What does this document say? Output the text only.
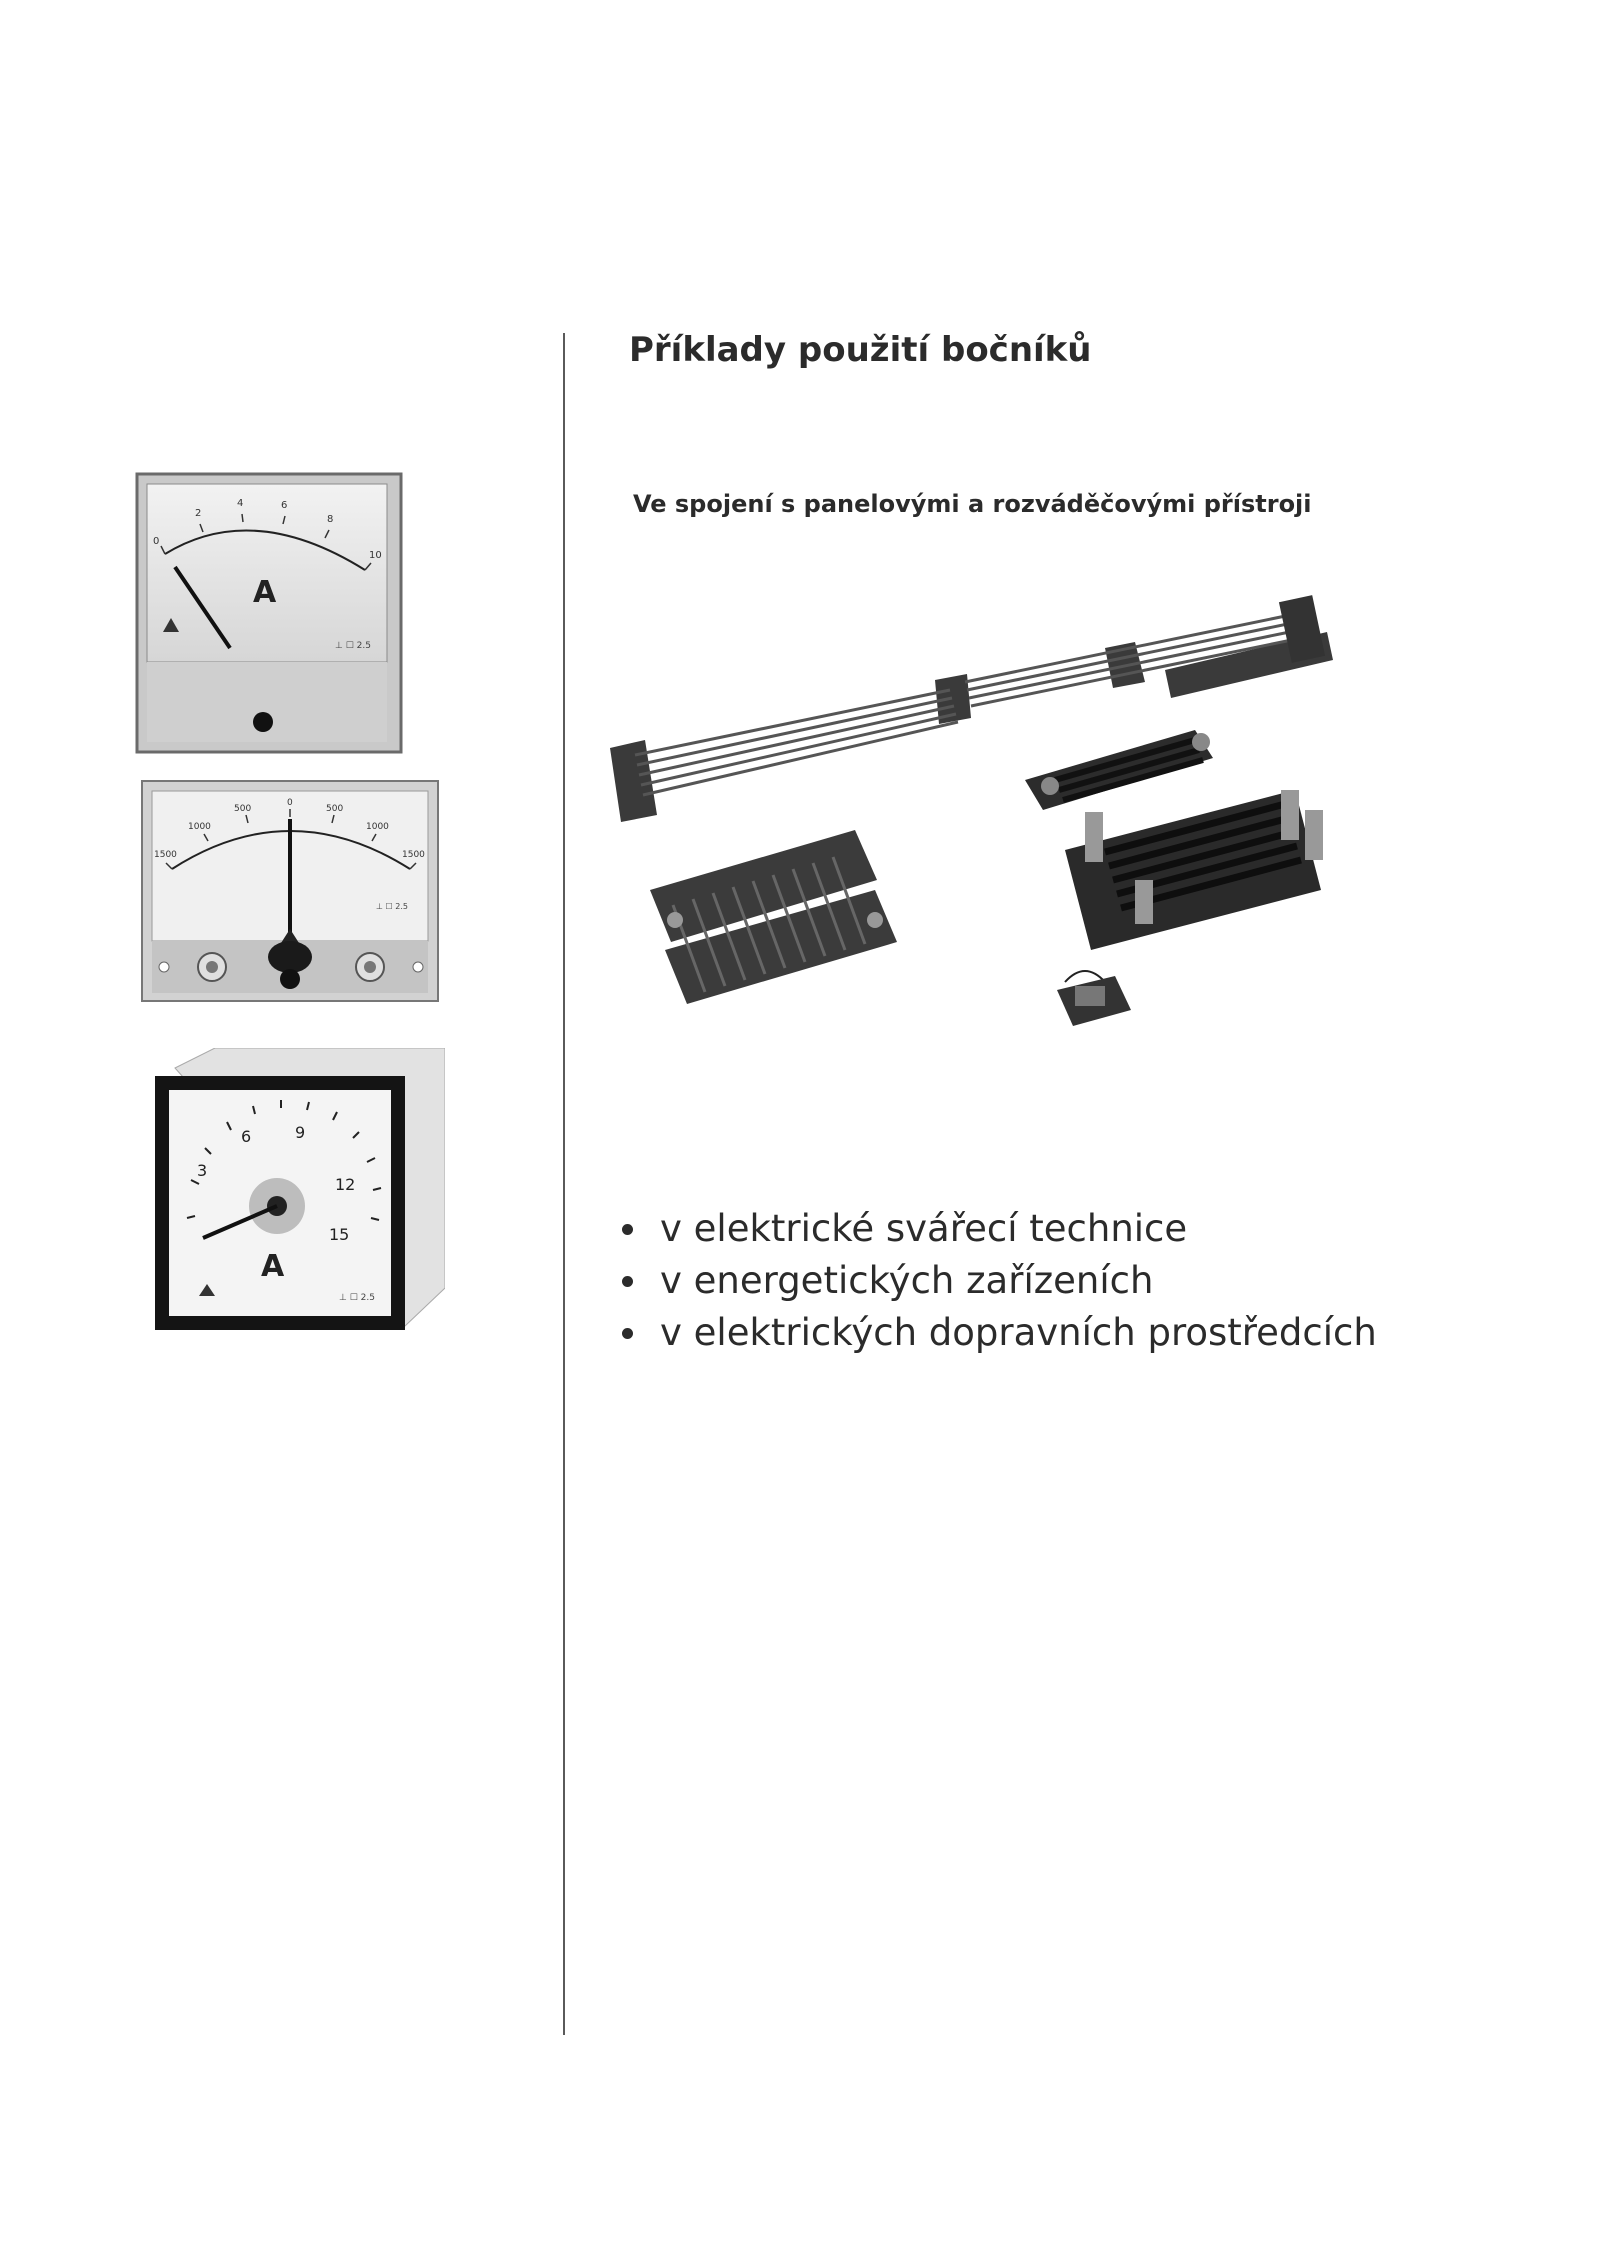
Příklady použití bočníků
Ve spojení s panelovými a rozváděčovými přístroji
0
2
4	6
8
10
A
⊥ ☐ 2.5
1500
1000
500
0
500
1000
1500
⊥ ☐ 2.5
3
6	9
12
15
A
⊥ ☐ 2.5
v elektrické svářecí technice
v energetických zařízeních
v elektrických dopravních prostředcích
